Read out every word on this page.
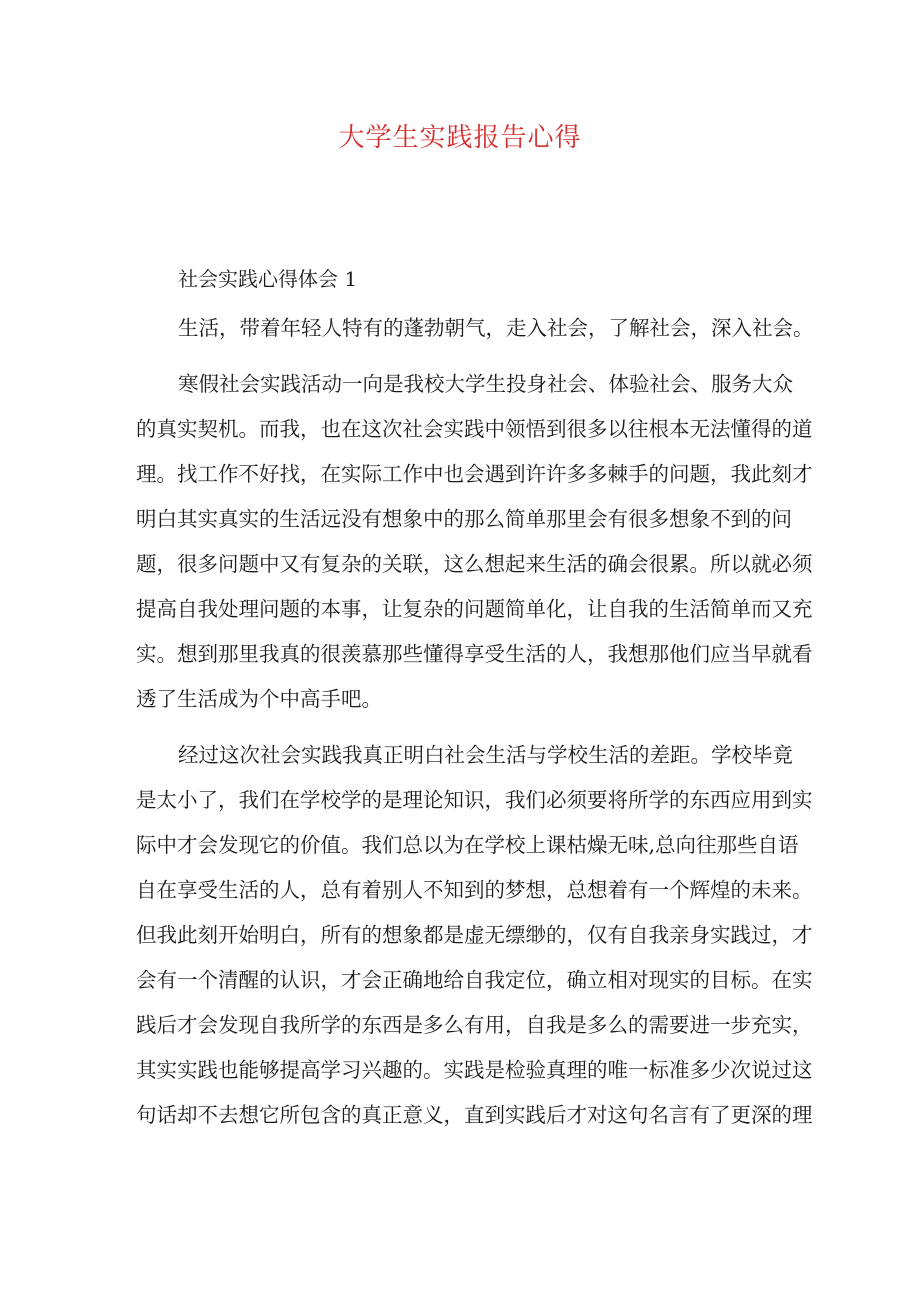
大学生实践报告心得
社会实践心得体会 1
生活，带着年轻人特有的蓬勃朝气，走入社会，了解社会，深入社会。
寒假社会实践活动一向是我校大学生投身社会、体验社会、服务大众
的真实契机。而我，也在这次社会实践中领悟到很多以往根本无法懂得的道
理。找工作不好找，在实际工作中也会遇到许许多多棘手的问题，我此刻才
明白其实真实的生活远没有想象中的那么简单那里会有很多想象不到的问
题，很多问题中又有复杂的关联，这么想起来生活的确会很累。所以就必须
提高自我处理问题的本事，让复杂的问题简单化，让自我的生活简单而又充
实。想到那里我真的很羡慕那些懂得享受生活的人，我想那他们应当早就看
透了生活成为个中高手吧。
经过这次社会实践我真正明白社会生活与学校生活的差距。学校毕竟
是太小了，我们在学校学的是理论知识，我们必须要将所学的东西应用到实
际中才会发现它的价值。我们总以为在学校上课枯燥无味,总向往那些自语
自在享受生活的人，总有着别人不知到的梦想，总想着有一个辉煌的未来。
但我此刻开始明白，所有的想象都是虚无缥缈的，仅有自我亲身实践过，才
会有一个清醒的认识，才会正确地给自我定位，确立相对现实的目标。在实
践后才会发现自我所学的东西是多么有用，自我是多么的需要进一步充实，
其实实践也能够提高学习兴趣的。实践是检验真理的唯一标准多少次说过这
句话却不去想它所包含的真正意义，直到实践后才对这句名言有了更深的理
